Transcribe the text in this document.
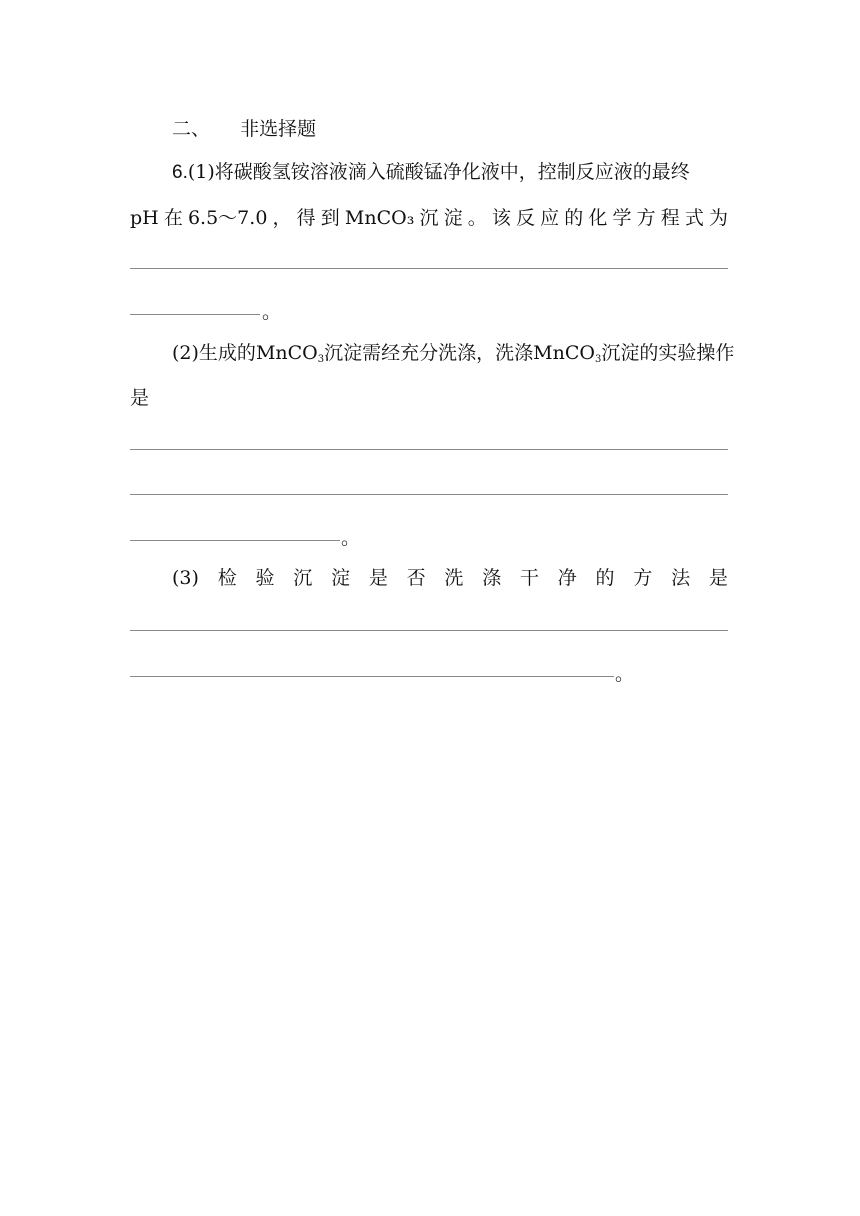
二、 非选择题
6.(1)将碳酸氢铵溶液滴入硫酸锰净化液中，控制反应液的最终
pH 在 6.5～7.0 ， 得 到 MnCO₃ 沉 淀 。 该 反 应 的 化 学 方 程 式 为
。
(2)生成的MnCO$_3$沉淀需经充分洗涤，洗涤MnCO$_3$沉淀的实验操作
是
。
(3) 检 验 沉 淀 是 否 洗 涤 干 净 的 方 法 是
。
